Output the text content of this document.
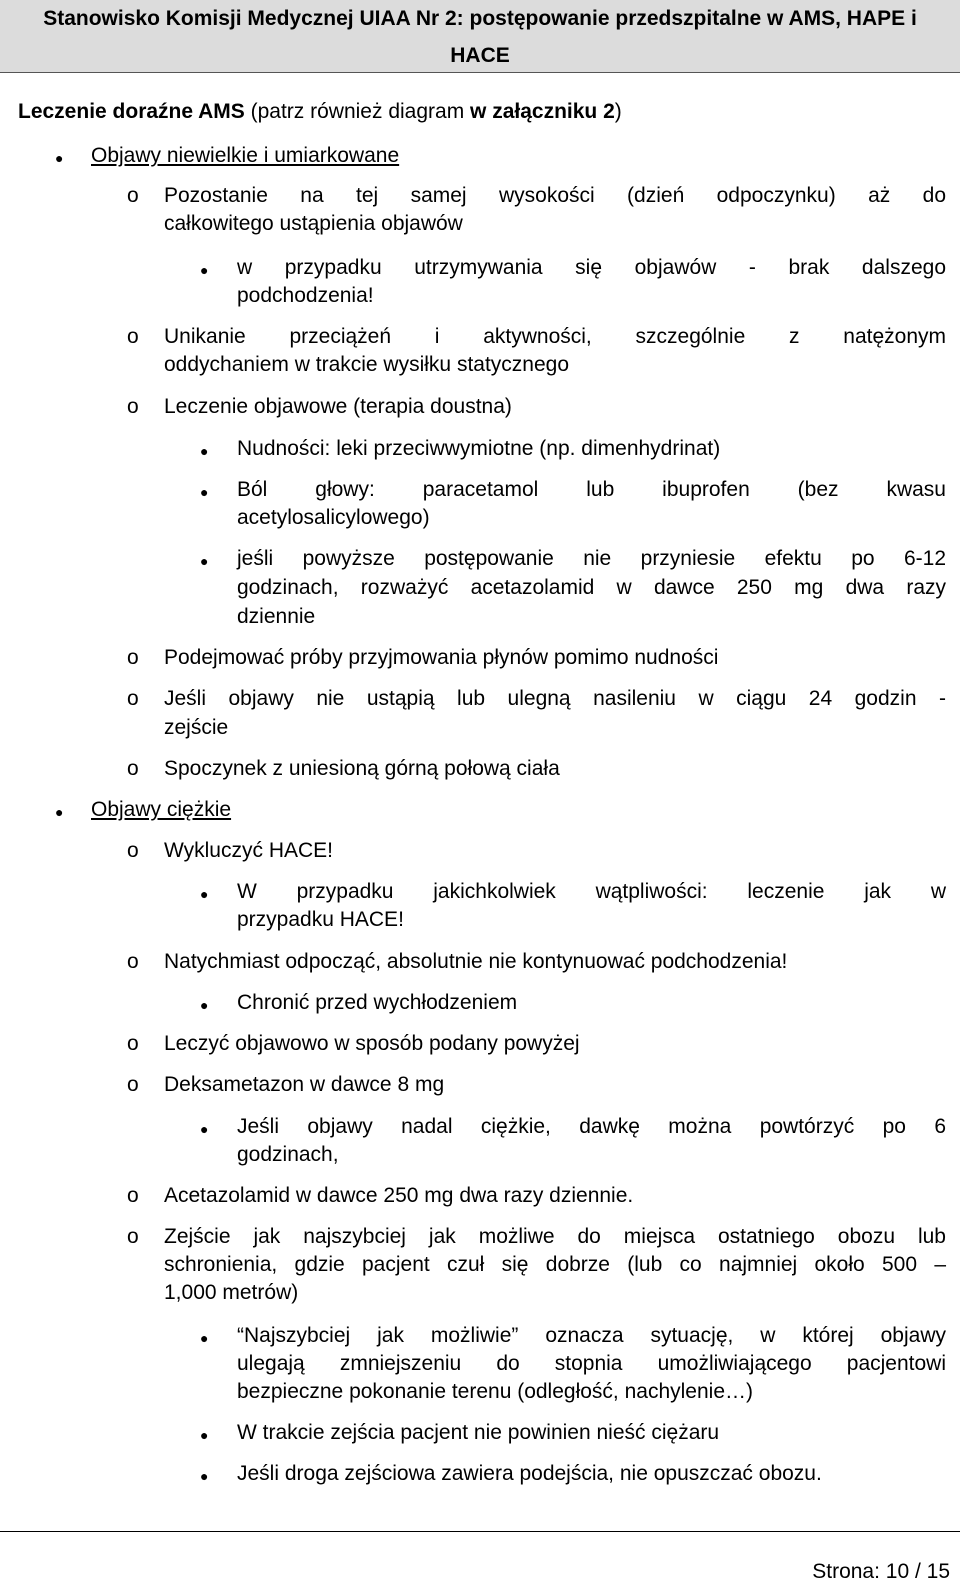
Stanowisko Komisji Medycznej UIAA Nr 2: postępowanie przedszpitalne w AMS, HAPE i
HACE
Leczenie doraźne AMS (patrz również diagram w załączniku 2)
● Objawy niewielkie i umiarkowane
o Pozostanie na tej samej wysokości (dzień odpoczynku) aż do
całkowitego ustąpienia objawów
● w przypadku utrzymywania się objawów - brak dalszego
podchodzenia!
o Unikanie przeciążeń i aktywności, szczególnie z natężonym
oddychaniem w trakcie wysiłku statycznego
o Leczenie objawowe (terapia doustna)
● Nudności: leki przeciwwymiotne (np. dimenhydrinat)
● Ból głowy: paracetamol lub ibuprofen (bez kwasu
acetylosalicylowego)
● jeśli powyższe postępowanie nie przyniesie efektu po 6-12
godzinach, rozważyć acetazolamid w dawce 250 mg dwa razy
dziennie
o Podejmować próby przyjmowania płynów pomimo nudności
o Jeśli objawy nie ustąpią lub ulegną nasileniu w ciągu 24 godzin -
zejście
o Spoczynek z uniesioną górną połową ciała
● Objawy ciężkie
o Wykluczyć HACE!
● W przypadku jakichkolwiek wątpliwości: leczenie jak w
przypadku HACE!
o Natychmiast odpocząć, absolutnie nie kontynuować podchodzenia!
● Chronić przed wychłodzeniem
o Leczyć objawowo w sposób podany powyżej
o Deksametazon w dawce 8 mg
● Jeśli objawy nadal ciężkie, dawkę można powtórzyć po 6
godzinach,
o Acetazolamid w dawce 250 mg dwa razy dziennie.
o Zejście jak najszybciej jak możliwe do miejsca ostatniego obozu lub
schronienia, gdzie pacjent czuł się dobrze (lub co najmniej około 500 –
1,000 metrów)
● “Najszybciej jak możliwie” oznacza sytuację, w której objawy
ulegają zmniejszeniu do stopnia umożliwiającego pacjentowi
bezpieczne pokonanie terenu (odległość, nachylenie…)
● W trakcie zejścia pacjent nie powinien nieść ciężaru
● Jeśli droga zejściowa zawiera podejścia, nie opuszczać obozu.
Strona: 10 / 15
